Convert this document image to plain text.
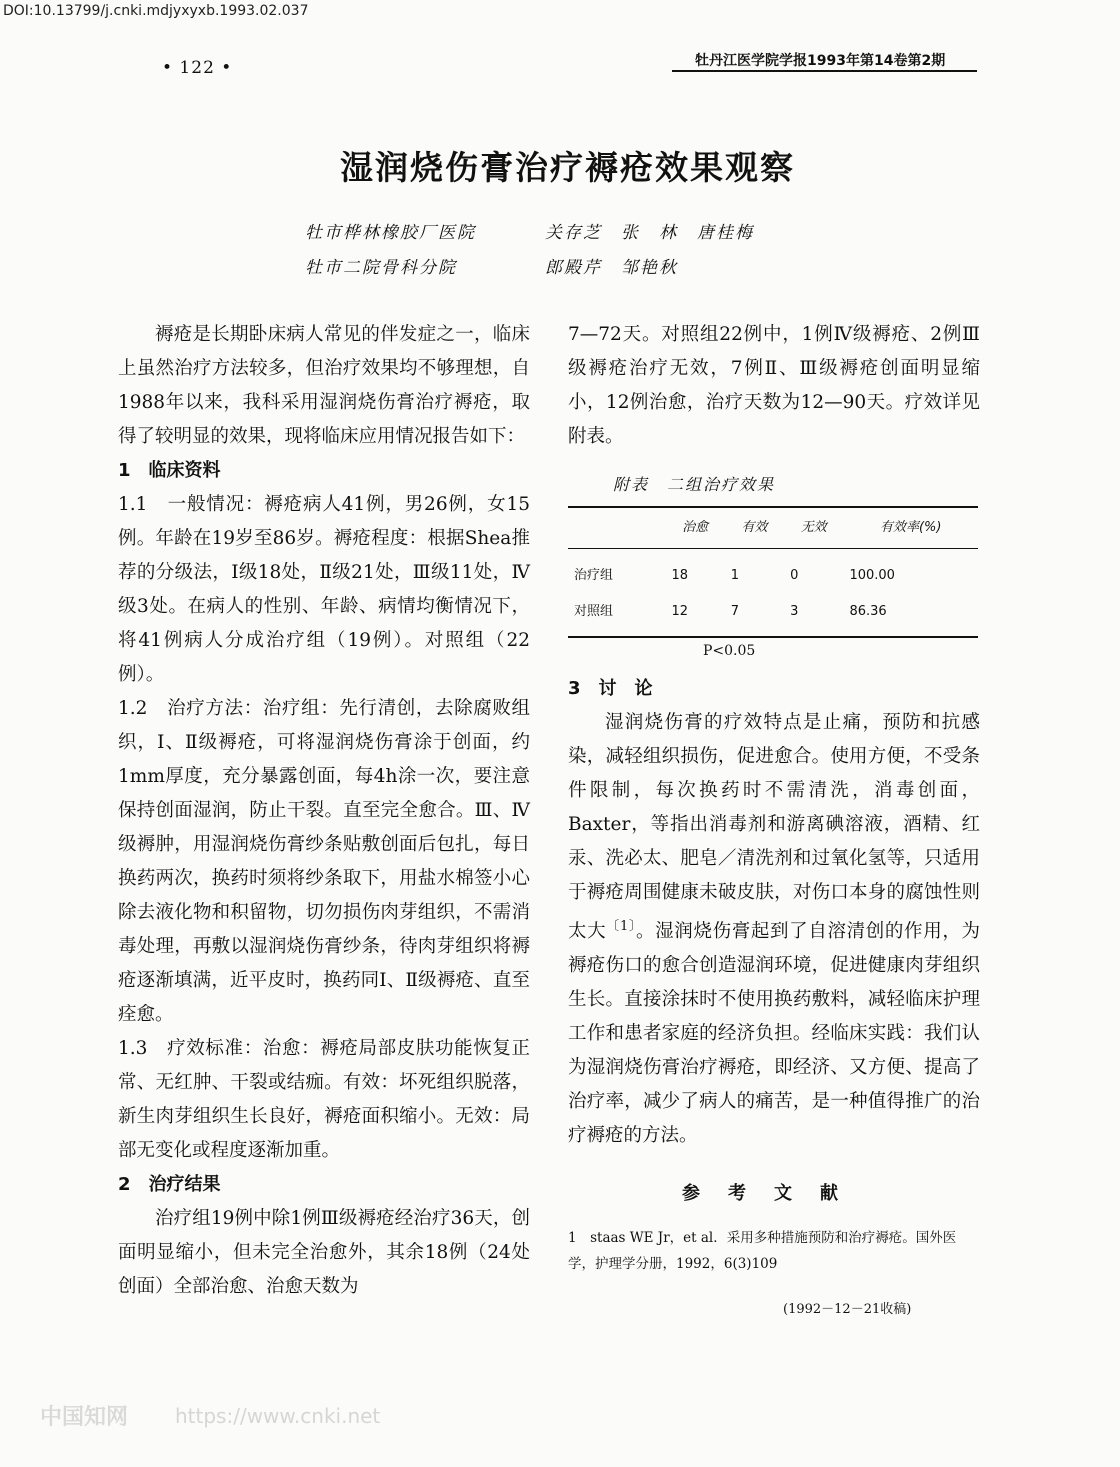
DOI:10.13799/j.cnki.mdjyxyxb.1993.02.037
• 122 •	牡丹江医学院学报1993年第14卷第2期
湿润烧伤膏治疗褥疮效果观察
牡市桦林橡胶厂医院	关存芝　张　林　唐桂梅
牡市二院骨科分院	郎殿芹　邹艳秋

褥疮是长期卧床病人常见的伴发症之一，临床上虽然治疗方法较多，但治疗效果均不够理想，自1988年以来，我科采用湿润烧伤膏治疗褥疮，取得了较明显的效果，现将临床应用情况报告如下：

1　临床资料

1.1　一般情况：褥疮病人41例，男26例，女15例。年龄在19岁至86岁。褥疮程度：根据Shea推荐的分级法，Ⅰ级18处，Ⅱ级21处，Ⅲ级11处，Ⅳ级3处。在病人的性别、年龄、病情均衡情况下，将41例病人分成治疗组（19例）。对照组（22例）。

1.2　治疗方法：治疗组：先行清创，去除腐败组织，Ⅰ、Ⅱ级褥疮，可将湿润烧伤膏涂于创面，约1mm厚度，充分暴露创面，每4h涂一次，要注意保持创面湿润，防止干裂。直至完全愈合。Ⅲ、Ⅳ级褥肿，用湿润烧伤膏纱条贴敷创面后包扎，每日换药两次，换药时须将纱条取下，用盐水棉签小心除去液化物和积留物，切勿损伤肉芽组织，不需消毒处理，再敷以湿润烧伤膏纱条，待肉芽组织将褥疮逐渐填满，近平皮时，换药同Ⅰ、Ⅱ级褥疮、直至痊愈。

1.3　疗效标准：治愈：褥疮局部皮肤功能恢复正常、无红肿、干裂或结痂。有效：坏死组织脱落，新生肉芽组织生长良好，褥疮面积缩小。无效：局部无变化或程度逐渐加重。

2　治疗结果

治疗组19例中除1例Ⅲ级褥疮经治疗36天，创面明显缩小，但未完全治愈外，其余18例（24处创面）全部治愈、治愈天数为

7—72天。对照组22例中，1例Ⅳ级褥疮、2例Ⅲ级褥疮治疗无效，7例Ⅱ、Ⅲ级褥疮创面明显缩小，12例治愈，治疗天数为12—90天。疗效详见附表。

附表　二组治疗效果
	治愈	有效	无效	有效率(%)
治疗组	18	1	0	100.00
对照组	12	7	3	86.36
P<0.05

3　讨　论

湿润烧伤膏的疗效特点是止痛，预防和抗感染，减轻组织损伤，促进愈合。使用方便，不受条件限制，每次换药时不需清洗，消毒创面，Baxter，等指出消毒剂和游离碘溶液，酒精、红汞、洗必太、肥皂／清洗剂和过氧化氢等，只适用于褥疮周围健康未破皮肤，对伤口本身的腐蚀性则太大$^{〔1〕}$。湿润烧伤膏起到了自溶清创的作用，为褥疮伤口的愈合创造湿润环境，促进健康肉芽组织生长。直接涂抹时不使用换药敷料，减轻临床护理工作和患者家庭的经济负担。经临床实践：我们认为湿润烧伤膏治疗褥疮，即经济、又方便、提高了治疗率，减少了病人的痛苦，是一种值得推广的治疗褥疮的方法。

参考文献
1　staas WE Jr，et al．采用多种措施预防和治疗褥疮。国外医学，护理学分册，1992，6(3)109
(1992－12－21收稿)
中国知网 https://www.cnki.net
